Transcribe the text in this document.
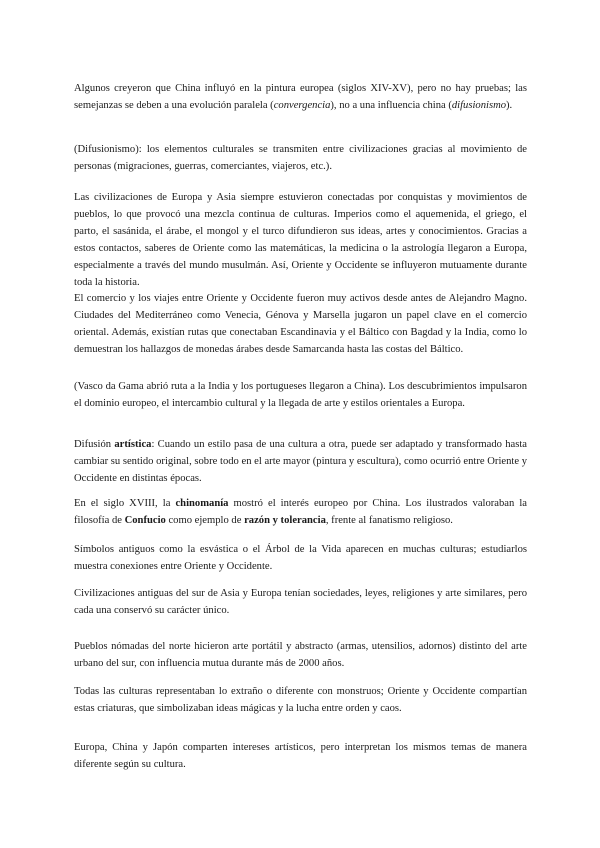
Algunos creyeron que China influyó en la pintura europea (siglos XIV-XV), pero no hay pruebas; las semejanzas se deben a una evolución paralela (convergencia), no a una influencia china (difusionismo).

(Difusionismo): los elementos culturales se transmiten entre civilizaciones gracias al movimiento de personas (migraciones, guerras, comerciantes, viajeros, etc.).

Las civilizaciones de Europa y Asia siempre estuvieron conectadas por conquistas y movimientos de pueblos, lo que provocó una mezcla continua de culturas. Imperios como el aquemenida, el griego, el parto, el sasánida, el árabe, el mongol y el turco difundieron sus ideas, artes y conocimientos. Gracias a estos contactos, saberes de Oriente como las matemáticas, la medicina o la astrología llegaron a Europa, especialmente a través del mundo musulmán. Así, Oriente y Occidente se influyeron mutuamente durante toda la historia.

El comercio y los viajes entre Oriente y Occidente fueron muy activos desde antes de Alejandro Magno. Ciudades del Mediterráneo como Venecia, Génova y Marsella jugaron un papel clave en el comercio oriental. Además, existían rutas que conectaban Escandinavia y el Báltico con Bagdad y la India, como lo demuestran los hallazgos de monedas árabes desde Samarcanda hasta las costas del Báltico.

(Vasco da Gama abrió ruta a la India y los portugueses llegaron a China). Los descubrimientos impulsaron el dominio europeo, el intercambio cultural y la llegada de arte y estilos orientales a Europa.

Difusión artística: Cuando un estilo pasa de una cultura a otra, puede ser adaptado y transformado hasta cambiar su sentido original, sobre todo en el arte mayor (pintura y escultura), como ocurrió entre Oriente y Occidente en distintas épocas.

En el siglo XVIII, la chinomanía mostró el interés europeo por China. Los ilustrados valoraban la filosofía de Confucio como ejemplo de razón y tolerancia, frente al fanatismo religioso.

Símbolos antiguos como la esvástica o el Árbol de la Vida aparecen en muchas culturas; estudiarlos muestra conexiones entre Oriente y Occidente.

Civilizaciones antiguas del sur de Asia y Europa tenían sociedades, leyes, religiones y arte similares, pero cada una conservó su carácter único.

Pueblos nómadas del norte hicieron arte portátil y abstracto (armas, utensilios, adornos) distinto del arte urbano del sur, con influencia mutua durante más de 2000 años.

Todas las culturas representaban lo extraño o diferente con monstruos; Oriente y Occidente compartían estas criaturas, que simbolizaban ideas mágicas y la lucha entre orden y caos.

Europa, China y Japón comparten intereses artísticos, pero interpretan los mismos temas de manera diferente según su cultura.
